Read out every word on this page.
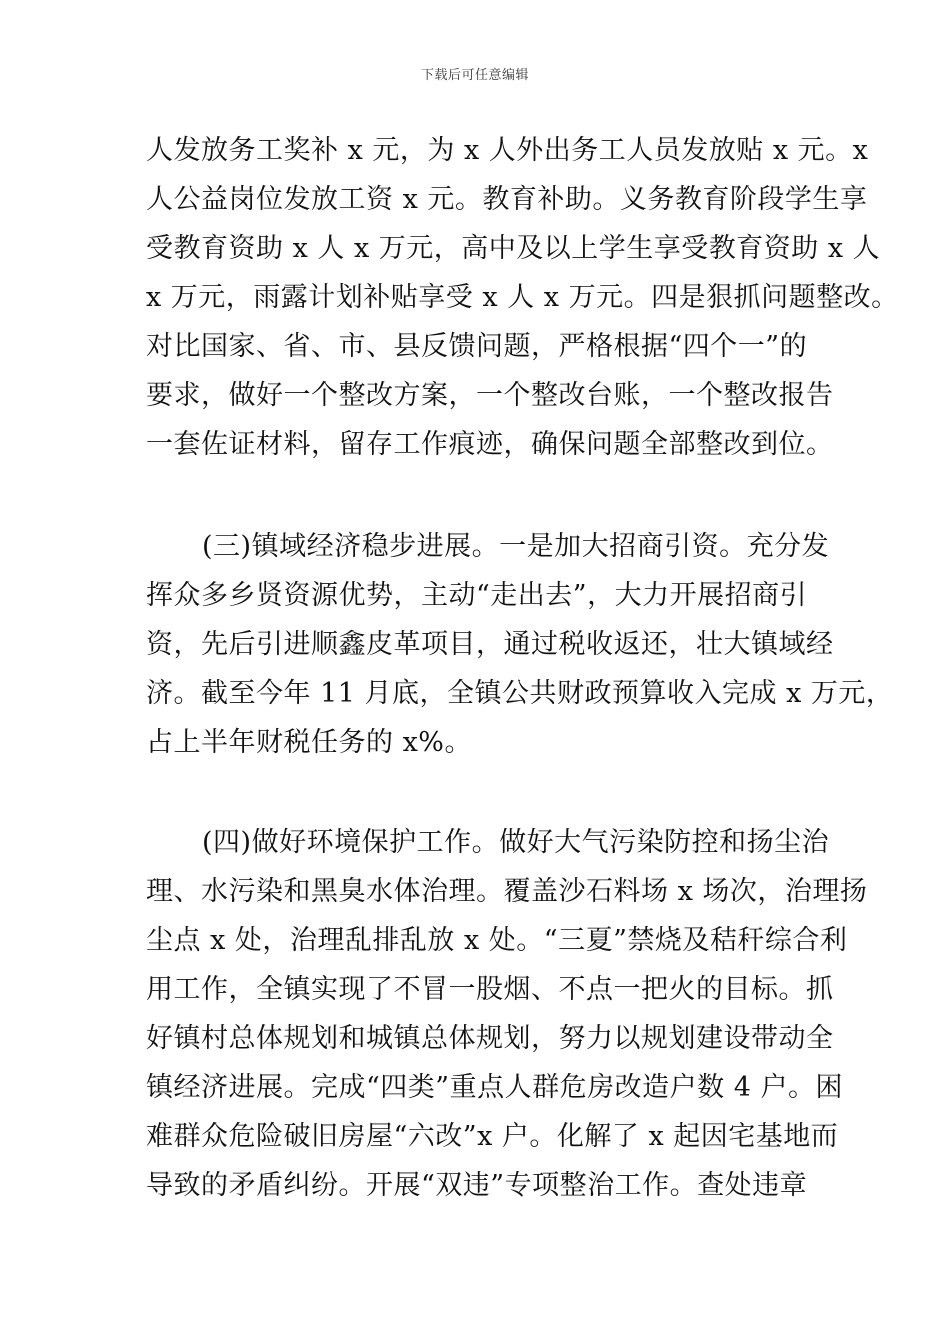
下载后可任意编辑
人发放务工奖补 x 元，为 x 人外出务工人员发放贴 x 元。x
人公益岗位发放工资 x 元。教育补助。义务教育阶段学生享
受教育资助 x 人 x 万元，高中及以上学生享受教育资助 x 人
x 万元，雨露计划补贴享受 x 人 x 万元。四是狠抓问题整改。
对比国家、省、市、县反馈问题，严格根据“四个一”的
要求，做好一个整改方案，一个整改台账，一个整改报告
一套佐证材料，留存工作痕迹，确保问题全部整改到位。
(三)镇域经济稳步进展。一是加大招商引资。充分发
挥众多乡贤资源优势，主动“走出去”，大力开展招商引
资，先后引进顺鑫皮革项目，通过税收返还，壮大镇域经
济。截至今年 11 月底，全镇公共财政预算收入完成 x 万元，
占上半年财税任务的 x%。
(四)做好环境保护工作。做好大气污染防控和扬尘治
理、水污染和黑臭水体治理。覆盖沙石料场 x 场次，治理扬
尘点 x 处，治理乱排乱放 x 处。“三夏”禁烧及秸秆综合利
用工作，全镇实现了不冒一股烟、不点一把火的目标。抓
好镇村总体规划和城镇总体规划，努力以规划建设带动全
镇经济进展。完成“四类”重点人群危房改造户数 4 户。困
难群众危险破旧房屋“六改”x 户。化解了 x 起因宅基地而
导致的矛盾纠纷。开展“双违”专项整治工作。查处违章
